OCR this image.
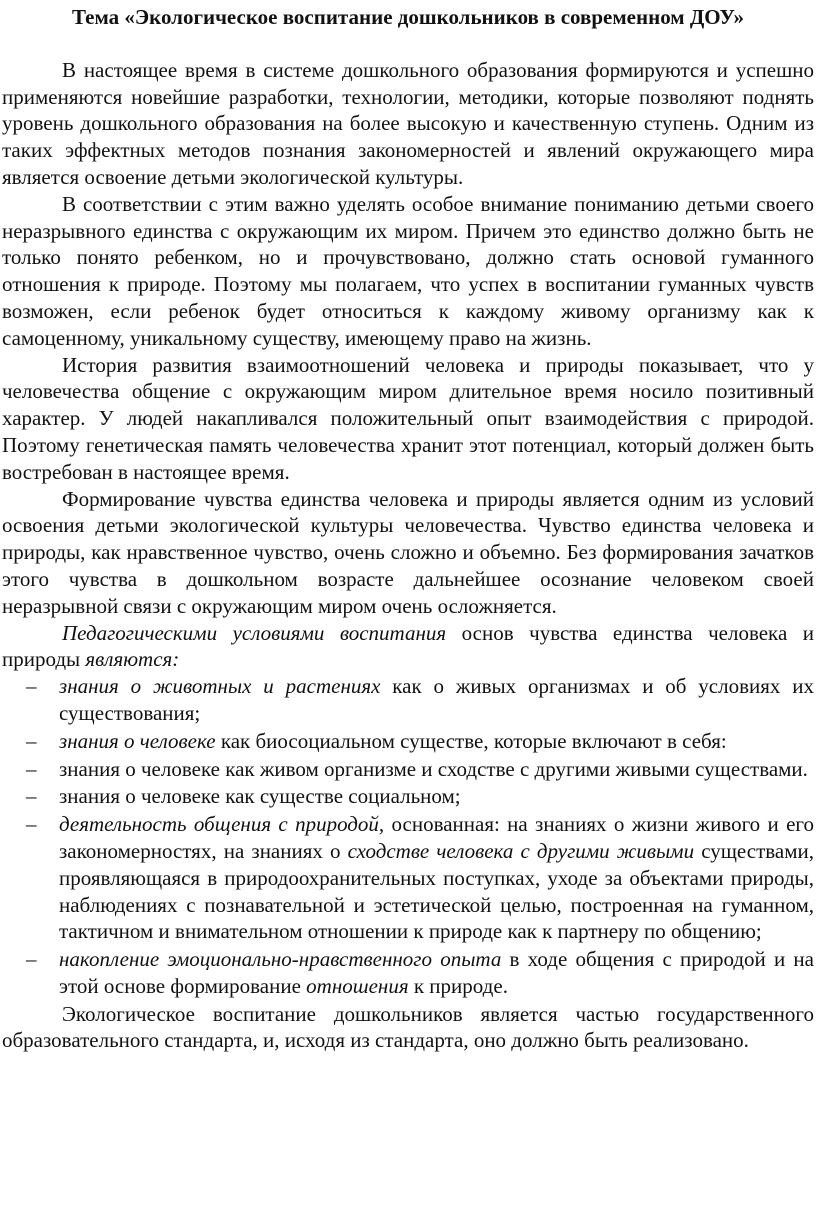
Тема «Экологическое воспитание дошкольников в современном ДОУ»

В настоящее время в системе дошкольного образования формируются и успешно применяются новейшие разработки, технологии, методики, которые позволяют поднять уровень дошкольного образования на более высокую и качественную ступень. Одним из таких эффектных методов познания закономерностей и явлений окружающего мира является освоение детьми экологической культуры.

В соответствии с этим важно уделять особое внимание пониманию детьми своего неразрывного единства с окружающим их миром. Причем это единство должно быть не только понято ребенком, но и прочувствовано, должно стать основой гуманного отношения к природе. Поэтому мы полагаем, что успех в воспитании гуманных чувств возможен, если ребенок будет относиться к каждому живому организму как к самоценному, уникальному существу, имеющему право на жизнь.

История развития взаимоотношений человека и природы показывает, что у человечества общение с окружающим миром длительное время носило позитивный характер. У людей накапливался положительный опыт взаимодействия с природой. Поэтому генетическая память человечества хранит этот потенциал, который должен быть востребован в настоящее время.

Формирование чувства единства человека и природы является одним из условий освоения детьми экологической культуры человечества. Чувство единства человека и природы, как нравственное чувство, очень сложно и объемно. Без формирования зачатков этого чувства в дошкольном возрасте дальнейшее осознание человеком своей неразрывной связи с окружающим миром очень осложняется.

Педагогическими условиями воспитания основ чувства единства человека и природы являются:

– знания о животных и растениях как о живых организмах и об условиях их существования;
– знания о человеке как биосоциальном существе, которые включают в себя:
– знания о человеке как живом организме и сходстве с другими живыми существами.
– знания о человеке как существе социальном;
– деятельность общения с природой, основанная: на знаниях о жизни живого и его закономерностях, на знаниях о сходстве человека с другими живыми существами, проявляющаяся в природоохранительных поступках, уходе за объектами природы, наблюдениях с познавательной и эстетической целью, построенная на гуманном, тактичном и внимательном отношении к природе как к партнеру по общению;
– накопление эмоционально-нравственного опыта в ходе общения с природой и на этой основе формирование отношения к природе.

Экологическое воспитание дошкольников является частью государственного образовательного стандарта, и, исходя из стандарта, оно должно быть реализовано.
